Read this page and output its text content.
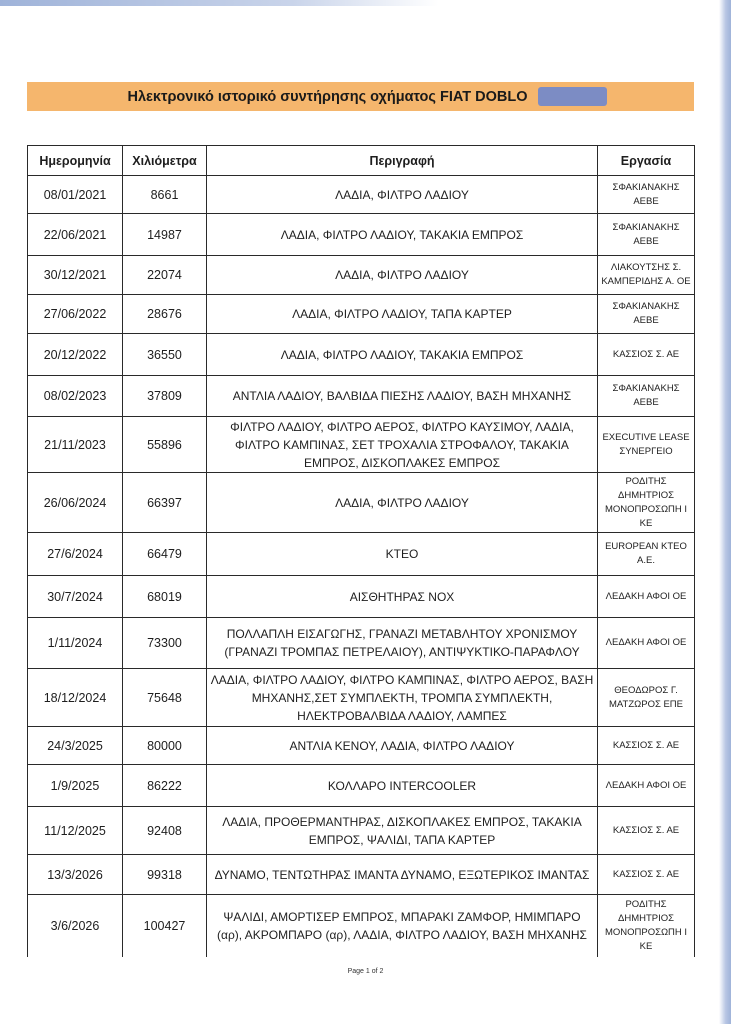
Ηλεκτρονικό ιστορικό συντήρησης οχήματος FIAT DOBLO
Ημερομηνία	Χιλιόμετρα	Περιγραφή	Εργασία
08/01/2021	8661	ΛΑΔΙΑ, ΦΙΛΤΡΟ ΛΑΔΙΟΥ	ΣΦΑΚΙΑΝΑΚΗΣ ΑΕΒΕ
22/06/2021	14987	ΛΑΔΙΑ, ΦΙΛΤΡΟ ΛΑΔΙΟΥ, ΤΑΚΑΚΙΑ ΕΜΠΡΟΣ	ΣΦΑΚΙΑΝΑΚΗΣ ΑΕΒΕ
30/12/2021	22074	ΛΑΔΙΑ, ΦΙΛΤΡΟ ΛΑΔΙΟΥ	ΛΙΑΚΟΥΤΣΗΣ Σ. ΚΑΜΠΕΡΙΔΗΣ Α. ΟΕ
27/06/2022	28676	ΛΑΔΙΑ, ΦΙΛΤΡΟ ΛΑΔΙΟΥ, ΤΑΠΑ ΚΑΡΤΕΡ	ΣΦΑΚΙΑΝΑΚΗΣ ΑΕΒΕ
20/12/2022	36550	ΛΑΔΙΑ, ΦΙΛΤΡΟ ΛΑΔΙΟΥ, ΤΑΚΑΚΙΑ ΕΜΠΡΟΣ	ΚΑΣΣΙΟΣ Σ. ΑΕ
08/02/2023	37809	ΑΝΤΛΙΑ ΛΑΔΙΟΥ, ΒΑΛΒΙΔΑ ΠΙΕΣΗΣ ΛΑΔΙΟΥ, ΒΑΣΗ ΜΗΧΑΝΗΣ	ΣΦΑΚΙΑΝΑΚΗΣ ΑΕΒΕ
21/11/2023	55896	ΦΙΛΤΡΟ ΛΑΔΙΟΥ, ΦΙΛΤΡΟ ΑΕΡΟΣ, ΦΙΛΤΡΟ ΚΑΥΣΙΜΟΥ, ΛΑΔΙΑ, ΦΙΛΤΡΟ ΚΑΜΠΙΝΑΣ, ΣΕΤ ΤΡΟΧΑΛΙΑ ΣΤΡΟΦΑΛΟΥ, ΤΑΚΑΚΙΑ ΕΜΠΡΟΣ, ΔΙΣΚΟΠΛΑΚΕΣ ΕΜΠΡΟΣ	EXECUTIVE LEASE ΣΥΝΕΡΓΕΙΟ
26/06/2024	66397	ΛΑΔΙΑ, ΦΙΛΤΡΟ ΛΑΔΙΟΥ	ΡΟΔΙΤΗΣ ΔΗΜΗΤΡΙΟΣ ΜΟΝΟΠΡΟΣΩΠΗ Ι ΚΕ
27/6/2024	66479	ΚΤΕΟ	EUROPEAN ΚΤΕΟ Α.Ε.
30/7/2024	68019	ΑΙΣΘΗΤΗΡΑΣ ΝΟΧ	ΛΕΔΑΚΗ ΑΦΟΙ ΟΕ
1/11/2024	73300	ΠΟΛΛΑΠΛΗ ΕΙΣΑΓΩΓΗΣ, ΓΡΑΝΑΖΙ ΜΕΤΑΒΛΗΤΟΥ ΧΡΟΝΙΣΜΟΥ (ΓΡΑΝΑΖΙ ΤΡΟΜΠΑΣ ΠΕΤΡΕΛΑΙΟΥ), ΑΝΤΙΨΥΚΤΙΚΟ-ΠΑΡΑΦΛΟΥ	ΛΕΔΑΚΗ ΑΦΟΙ ΟΕ
18/12/2024	75648	ΛΑΔΙΑ, ΦΙΛΤΡΟ ΛΑΔΙΟΥ, ΦΙΛΤΡΟ ΚΑΜΠΙΝΑΣ, ΦΙΛΤΡΟ ΑΕΡΟΣ, ΒΑΣΗ ΜΗΧΑΝΗΣ,ΣΕΤ ΣΥΜΠΛΕΚΤΗ, ΤΡΟΜΠΑ ΣΥΜΠΛΕΚΤΗ, ΗΛΕΚΤΡΟΒΑΛΒΙΔΑ ΛΑΔΙΟΥ, ΛΑΜΠΕΣ	ΘΕΟΔΩΡΟΣ Γ. ΜΑΤΖΩΡΟΣ ΕΠΕ
24/3/2025	80000	ΑΝΤΛΙΑ ΚΕΝΟΥ, ΛΑΔΙΑ, ΦΙΛΤΡΟ ΛΑΔΙΟΥ	ΚΑΣΣΙΟΣ Σ. ΑΕ
1/9/2025	86222	ΚΟΛΛΑΡΟ INTERCOOLER	ΛΕΔΑΚΗ ΑΦΟΙ ΟΕ
11/12/2025	92408	ΛΑΔΙΑ, ΠΡΟΘΕΡΜΑΝΤΗΡΑΣ, ΔΙΣΚΟΠΛΑΚΕΣ ΕΜΠΡΟΣ, ΤΑΚΑΚΙΑ ΕΜΠΡΟΣ, ΨΑΛΙΔΙ, ΤΑΠΑ ΚΑΡΤΕΡ	ΚΑΣΣΙΟΣ Σ. ΑΕ
13/3/2026	99318	ΔΥΝΑΜΟ, ΤΕΝΤΩΤΗΡΑΣ ΙΜΑΝΤΑ ΔΥΝΑΜΟ, ΕΞΩΤΕΡΙΚΟΣ ΙΜΑΝΤΑΣ	ΚΑΣΣΙΟΣ Σ. ΑΕ
3/6/2026	100427	ΨΑΛΙΔΙ, ΑΜΟΡΤΙΣΕΡ ΕΜΠΡΟΣ, ΜΠΑΡΑΚΙ ΖΑΜΦΟΡ, ΗΜΙΜΠΑΡΟ (αρ), ΑΚΡΟΜΠΑΡΟ (αρ), ΛΑΔΙΑ, ΦΙΛΤΡΟ ΛΑΔΙΟΥ, ΒΑΣΗ ΜΗΧΑΝΗΣ	ΡΟΔΙΤΗΣ ΔΗΜΗΤΡΙΟΣ ΜΟΝΟΠΡΟΣΩΠΗ Ι ΚΕ
Page 1 of 2
